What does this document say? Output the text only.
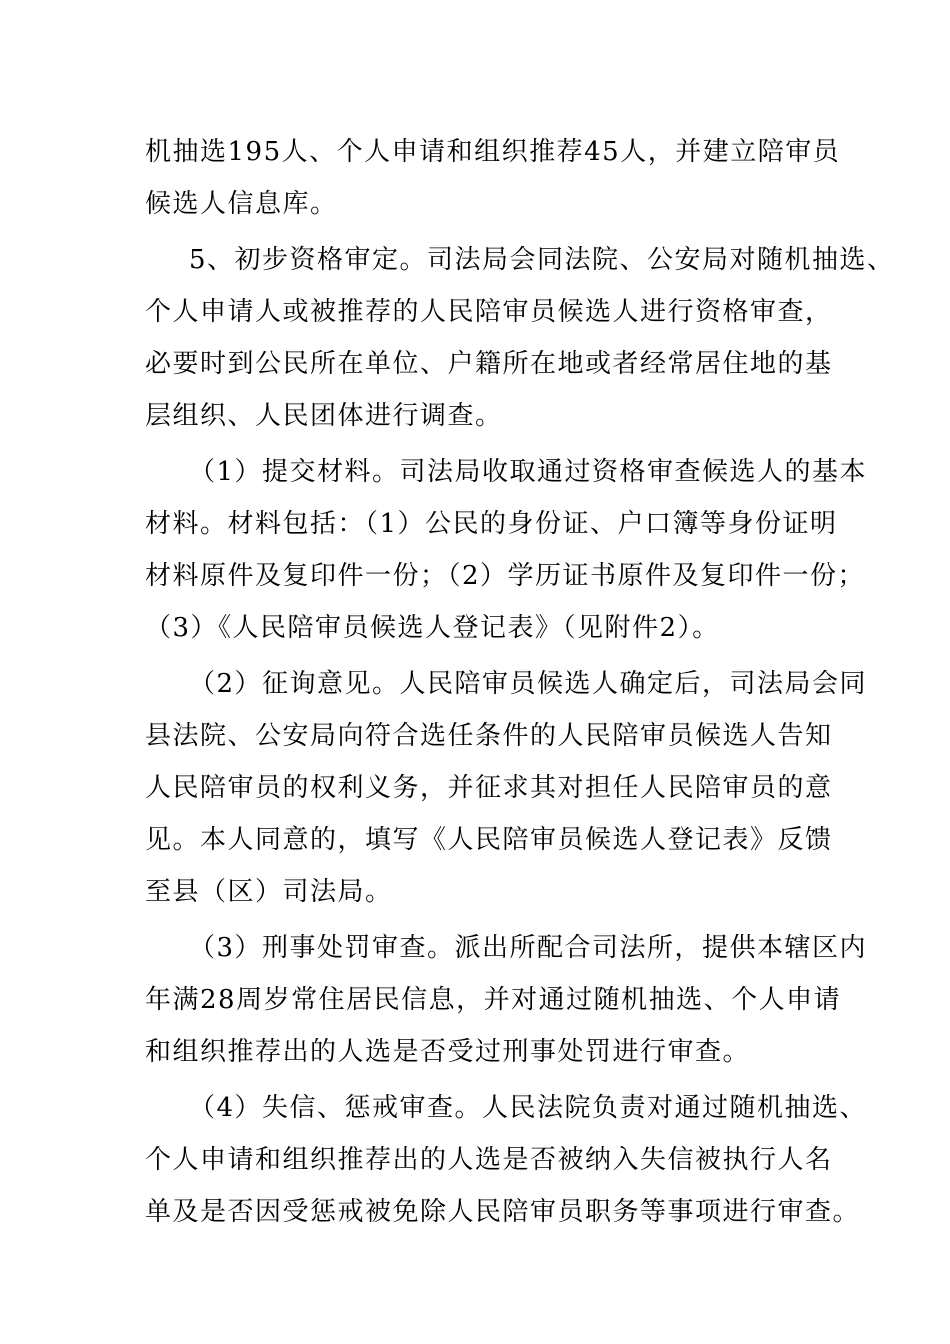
机抽选195人、个人申请和组织推荐45人，并建立陪审员
候选人信息库。
5、初步资格审定。司法局会同法院、公安局对随机抽选、
个人申请人或被推荐的人民陪审员候选人进行资格审查，
必要时到公民所在单位、户籍所在地或者经常居住地的基
层组织、人民团体进行调查。
（1）提交材料。司法局收取通过资格审查候选人的基本
材料。材料包括：（1）公民的身份证、户口簿等身份证明
材料原件及复印件一份；（2）学历证书原件及复印件一份；
（3）《人民陪审员候选人登记表》（见附件2）。
（2）征询意见。人民陪审员候选人确定后，司法局会同
县法院、公安局向符合选任条件的人民陪审员候选人告知
人民陪审员的权利义务，并征求其对担任人民陪审员的意
见。本人同意的，填写《人民陪审员候选人登记表》反馈
至县（区）司法局。
（3）刑事处罚审查。派出所配合司法所，提供本辖区内
年满28周岁常住居民信息，并对通过随机抽选、个人申请
和组织推荐出的人选是否受过刑事处罚进行审查。
（4）失信、惩戒审查。人民法院负责对通过随机抽选、
个人申请和组织推荐出的人选是否被纳入失信被执行人名
单及是否因受惩戒被免除人民陪审员职务等事项进行审查。
